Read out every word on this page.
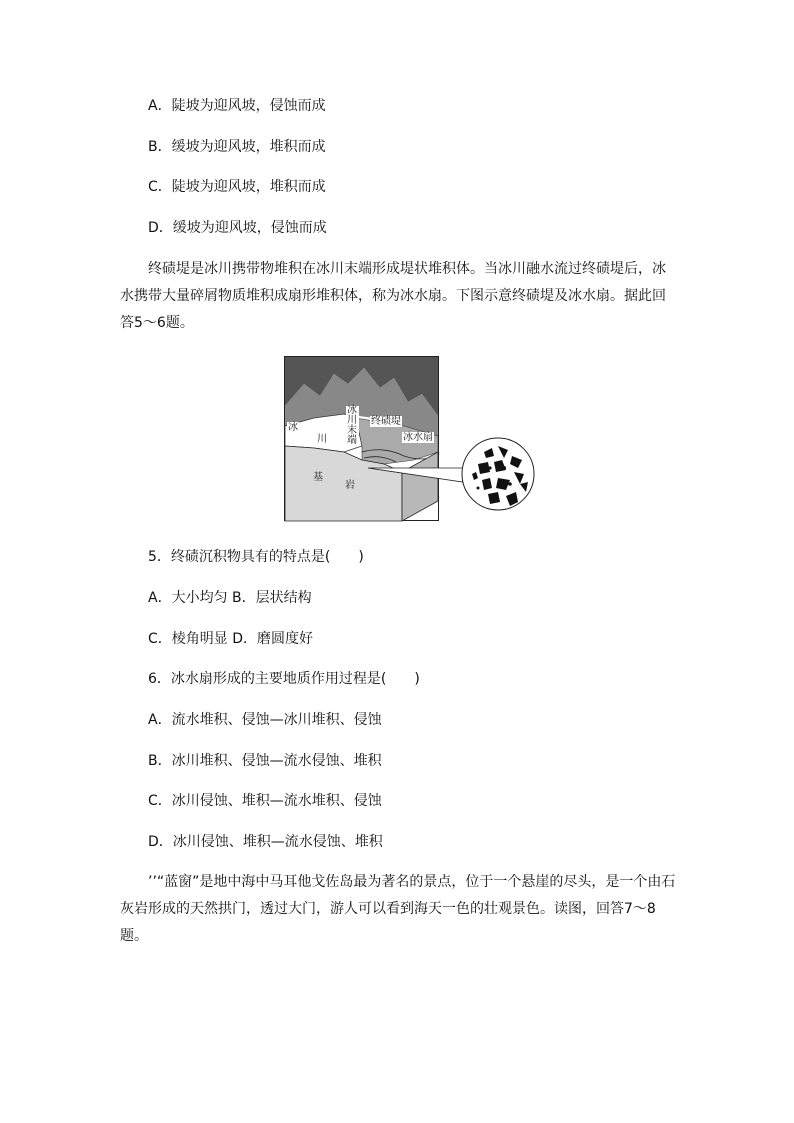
A．陡坡为迎风坡，侵蚀而成
B．缓坡为迎风坡，堆积而成
C．陡坡为迎风坡，堆积而成
D．缓坡为迎风坡，侵蚀而成
终碛堤是冰川携带物堆积在冰川末端形成堤状堆积体。当冰川融水流过终碛堤后，冰水携带大量碎屑物质堆积成扇形堆积体，称为冰水扇。下图示意终碛堤及冰水扇。据此回答5～6题。
冰
川
冰川末端
终碛堤
冰水扇
基
岩
5．终碛沉积物具有的特点是(　　)
A．大小均匀 B．层状结构
C．棱角明显 D．磨圆度好
6．冰水扇形成的主要地质作用过程是(　　)
A．流水堆积、侵蚀—冰川堆积、侵蚀
B．冰川堆积、侵蚀—流水侵蚀、堆积
C．冰川侵蚀、堆积—流水堆积、侵蚀
D．冰川侵蚀、堆积—流水侵蚀、堆积
’’“蓝窗”是地中海中马耳他戈佐岛最为著名的景点，位于一个悬崖的尽头，是一个由石灰岩形成的天然拱门，透过大门，游人可以看到海天一色的壮观景色。读图，回答7～8题。
